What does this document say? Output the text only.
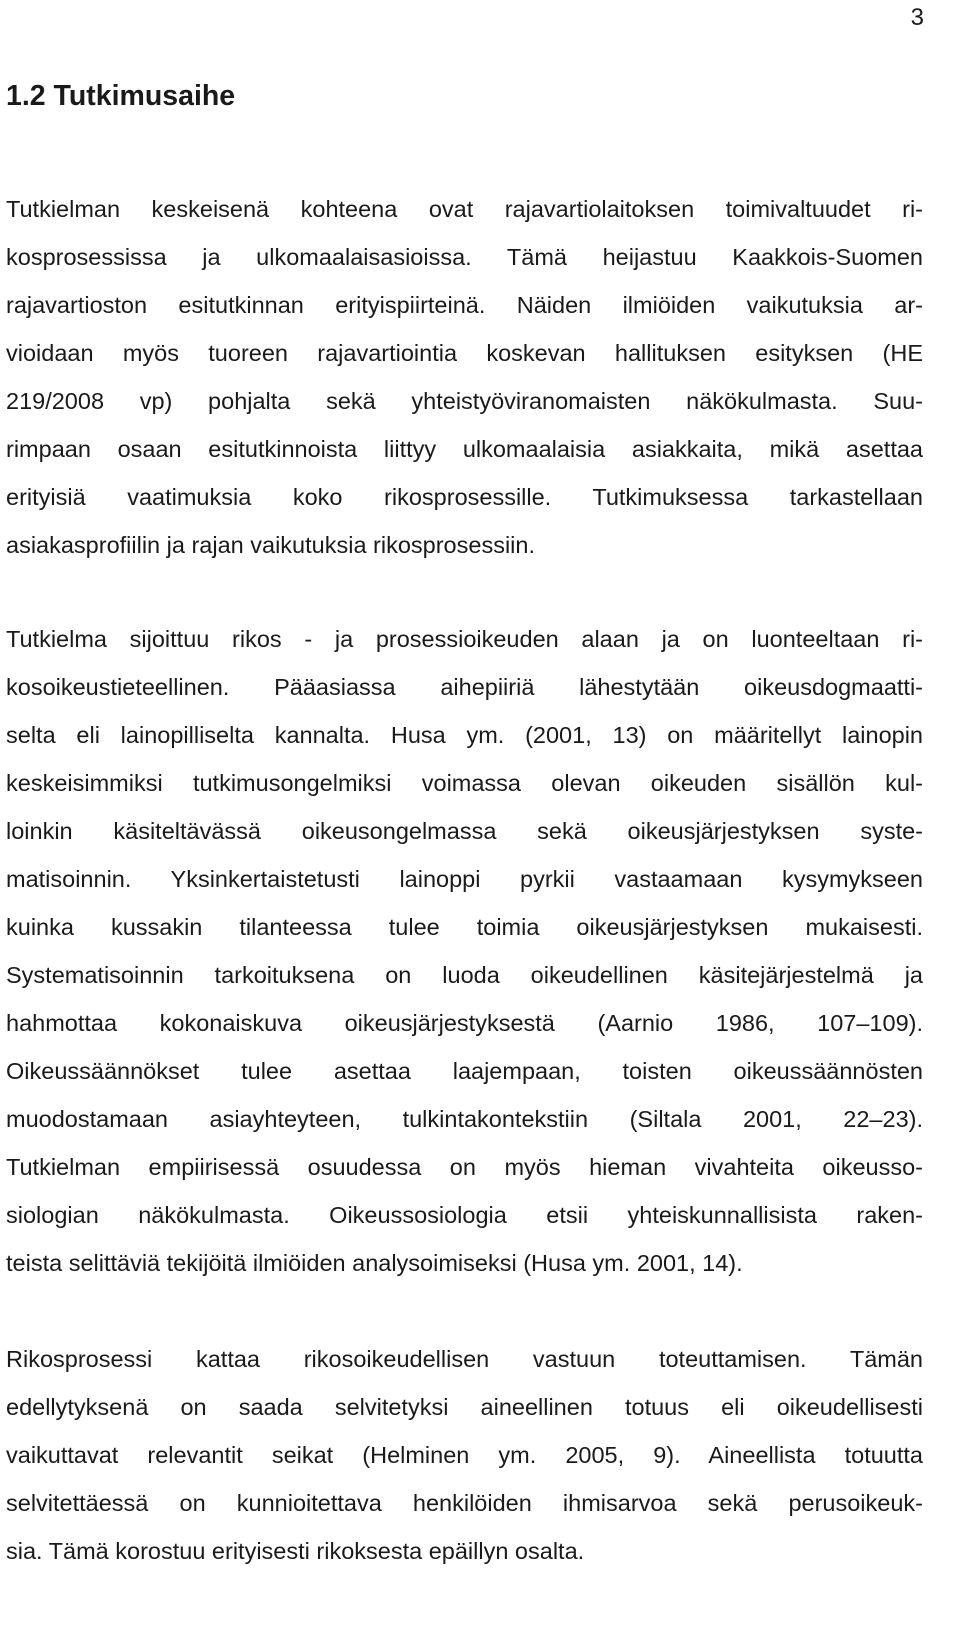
3
1.2 Tutkimusaihe
Tutkielman keskeisenä kohteena ovat rajavartiolaitoksen toimivaltuudet ri-
kosprosessissa ja ulkomaalaisasioissa. Tämä heijastuu Kaakkois-Suomen
rajavartioston esitutkinnan erityispiirteinä. Näiden ilmiöiden vaikutuksia ar-
vioidaan myös tuoreen rajavartiointia koskevan hallituksen esityksen (HE
219/2008 vp) pohjalta sekä yhteistyöviranomaisten näkökulmasta. Suu-
rimpaan osaan esitutkinnoista liittyy ulkomaalaisia asiakkaita, mikä asettaa
erityisiä vaatimuksia koko rikosprosessille. Tutkimuksessa tarkastellaan
asiakasprofiilin ja rajan vaikutuksia rikosprosessiin.
Tutkielma sijoittuu rikos - ja prosessioikeuden alaan ja on luonteeltaan ri-
kosoikeustieteellinen. Pääasiassa aihepiiriä lähestytään oikeusdogmaatti-
selta eli lainopilliselta kannalta. Husa ym. (2001, 13) on määritellyt lainopin
keskeisimmiksi tutkimusongelmiksi voimassa olevan oikeuden sisällön kul-
loinkin käsiteltävässä oikeusongelmassa sekä oikeusjärjestyksen syste-
matisoinnin. Yksinkertaistetusti lainoppi pyrkii vastaamaan kysymykseen
kuinka kussakin tilanteessa tulee toimia oikeusjärjestyksen mukaisesti.
Systematisoinnin tarkoituksena on luoda oikeudellinen käsitejärjestelmä ja
hahmottaa kokonaiskuva oikeusjärjestyksestä (Aarnio 1986, 107–109).
Oikeussäännökset tulee asettaa laajempaan, toisten oikeussäännösten
muodostamaan asiayhteyteen, tulkintakontekstiin (Siltala 2001, 22–23).
Tutkielman empiirisessä osuudessa on myös hieman vivahteita oikeusso-
siologian näkökulmasta. Oikeussosiologia etsii yhteiskunnallisista raken-
teista selittäviä tekijöitä ilmiöiden analysoimiseksi (Husa ym. 2001, 14).
Rikosprosessi kattaa rikosoikeudellisen vastuun toteuttamisen. Tämän
edellytyksenä on saada selvitetyksi aineellinen totuus eli oikeudellisesti
vaikuttavat relevantit seikat (Helminen ym. 2005, 9). Aineellista totuutta
selvitettäessä on kunnioitettava henkilöiden ihmisarvoa sekä perusoikeuk-
sia. Tämä korostuu erityisesti rikoksesta epäillyn osalta.
